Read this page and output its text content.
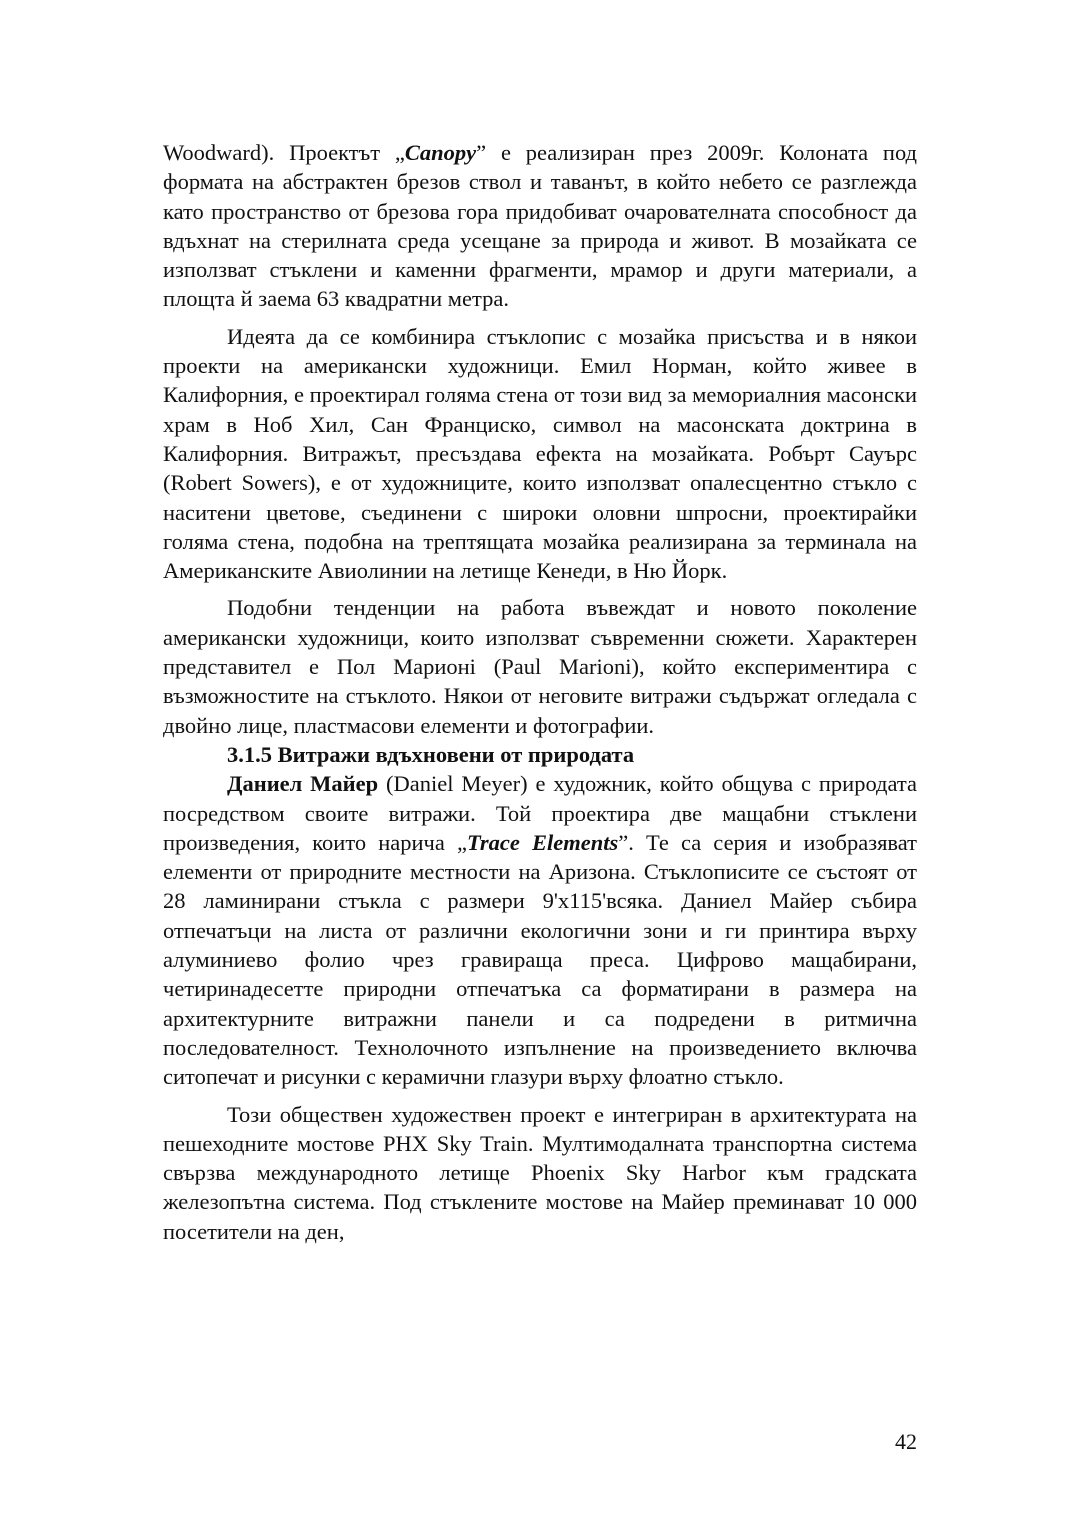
Woodward). Проектът „Canopy” е реализиран през 2009г. Колоната под формата на абстрактен брезов ствол и таванът, в който небето се разглежда като пространство от брезова гора придобиват очарователната способност да вдъхнат на стерилната среда усещане за природа и живот. В мозайката се използват стъклени и каменни фрагменти, мрамор и други материали, а площта й заема 63 квадратни метра.

Идеята да се комбинира стъклопис с мозайка присъства и в някои проекти на американски художници. Емил Норман, който живее в Калифорния, е проектирал голяма стена от този вид за мемориалния масонски храм в Ноб Хил, Сан Франциско, символ на масонската доктрина в Калифорния. Витражът, пресъздава ефекта на мозайката. Робърт Сауърс (Robert Sowers), е от художниците, които използват опалесцентно стъкло с наситени цветове, съединени с широки оловни шпросни, проектирайки голяма стена, подобна на трептящата мозайка реализирана за терминала на Американските Авиолинии на летище Кенеди, в Ню Йорк.

Подобни тенденции на работа въвеждат и новото поколение американски художници, които използват съвременни сюжети. Характерен представител е Пол Марионі (Paul Marioni), който експериментира с възможностите на стъклото. Някои от неговите витражи съдържат огледала с двойно лице, пластмасови елементи и фотографии.

3.1.5 Витражи вдъхновени от природата

Даниел Майер (Daniel Meyer) е художник, който общува с природата посредством своите витражи. Той проектира две мащабни стъклени произведения, които нарича „Trace Elements”. Те са серия и изобразяват елементи от природните местности на Аризона. Стъклописите се състоят от 28 ламинирани стъкла с размери 9'х115'всяка. Даниел Майер събира отпечатъци на листа от различни екологични зони и ги принтира върху алуминиево фолио чрез гравираща преса. Цифрово мащабирани, четиринадесетте природни отпечатъка са форматирани в размера на архитектурните витражни панели и са подредени в ритмична последователност. Технолочното изпълнение на произведението включва ситопечат и рисунки с керамични глазури върху флоатно стъкло.

Този обществен художествен проект е интегриран в архитектурата на пешеходните мостове PHX Sky Train. Мултимодалната транспортна система свързва международното летище Phoenix Sky Harbor към градската железопътна система. Под стъклените мостове на Майер преминават 10 000 посетители на ден,

42
